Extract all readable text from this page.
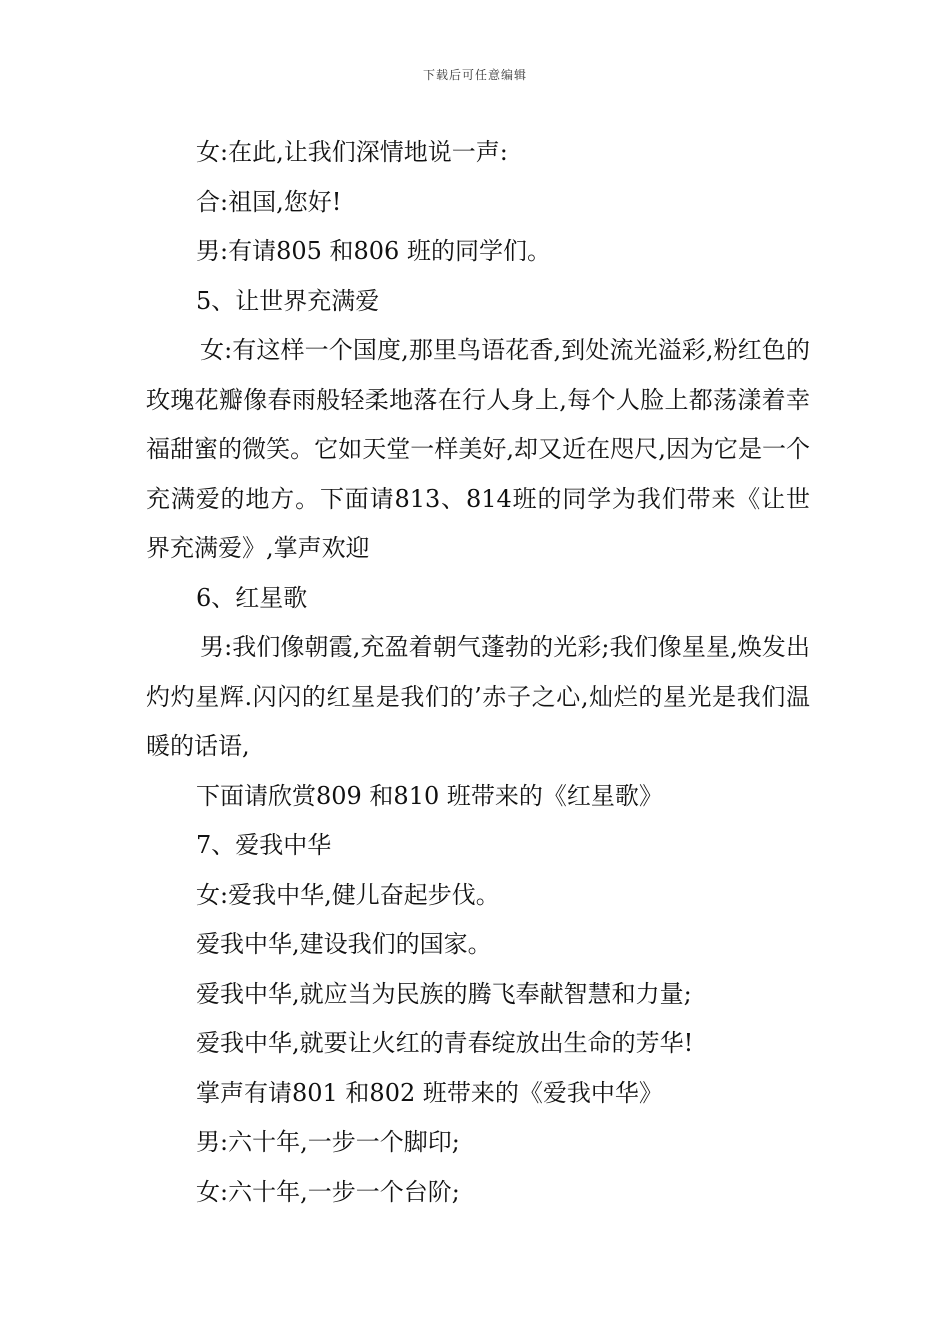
下载后可任意编辑

女:在此,让我们深情地说一声:

合:祖国,您好!

男:有请805 和806 班的同学们。

5、让世界充满爱

女:有这样一个国度,那里鸟语花香,到处流光溢彩,粉红色的玫瑰花瓣像春雨般轻柔地落在行人身上,每个人脸上都荡漾着幸福甜蜜的微笑。它如天堂一样美好,却又近在咫尺,因为它是一个充满爱的地方。下面请813、814班的同学为我们带来《让世界充满爱》,掌声欢迎

6、红星歌

男:我们像朝霞,充盈着朝气蓬勃的光彩;我们像星星,焕发出灼灼星辉.闪闪的红星是我们的’赤子之心,灿烂的星光是我们温暖的话语,

下面请欣赏809 和810 班带来的《红星歌》

7、爱我中华

女:爱我中华,健儿奋起步伐。

爱我中华,建设我们的国家。

爱我中华,就应当为民族的腾飞奉献智慧和力量;

爱我中华,就要让火红的青春绽放出生命的芳华!

掌声有请801 和802 班带来的《爱我中华》

男:六十年,一步一个脚印;

女:六十年,一步一个台阶;
